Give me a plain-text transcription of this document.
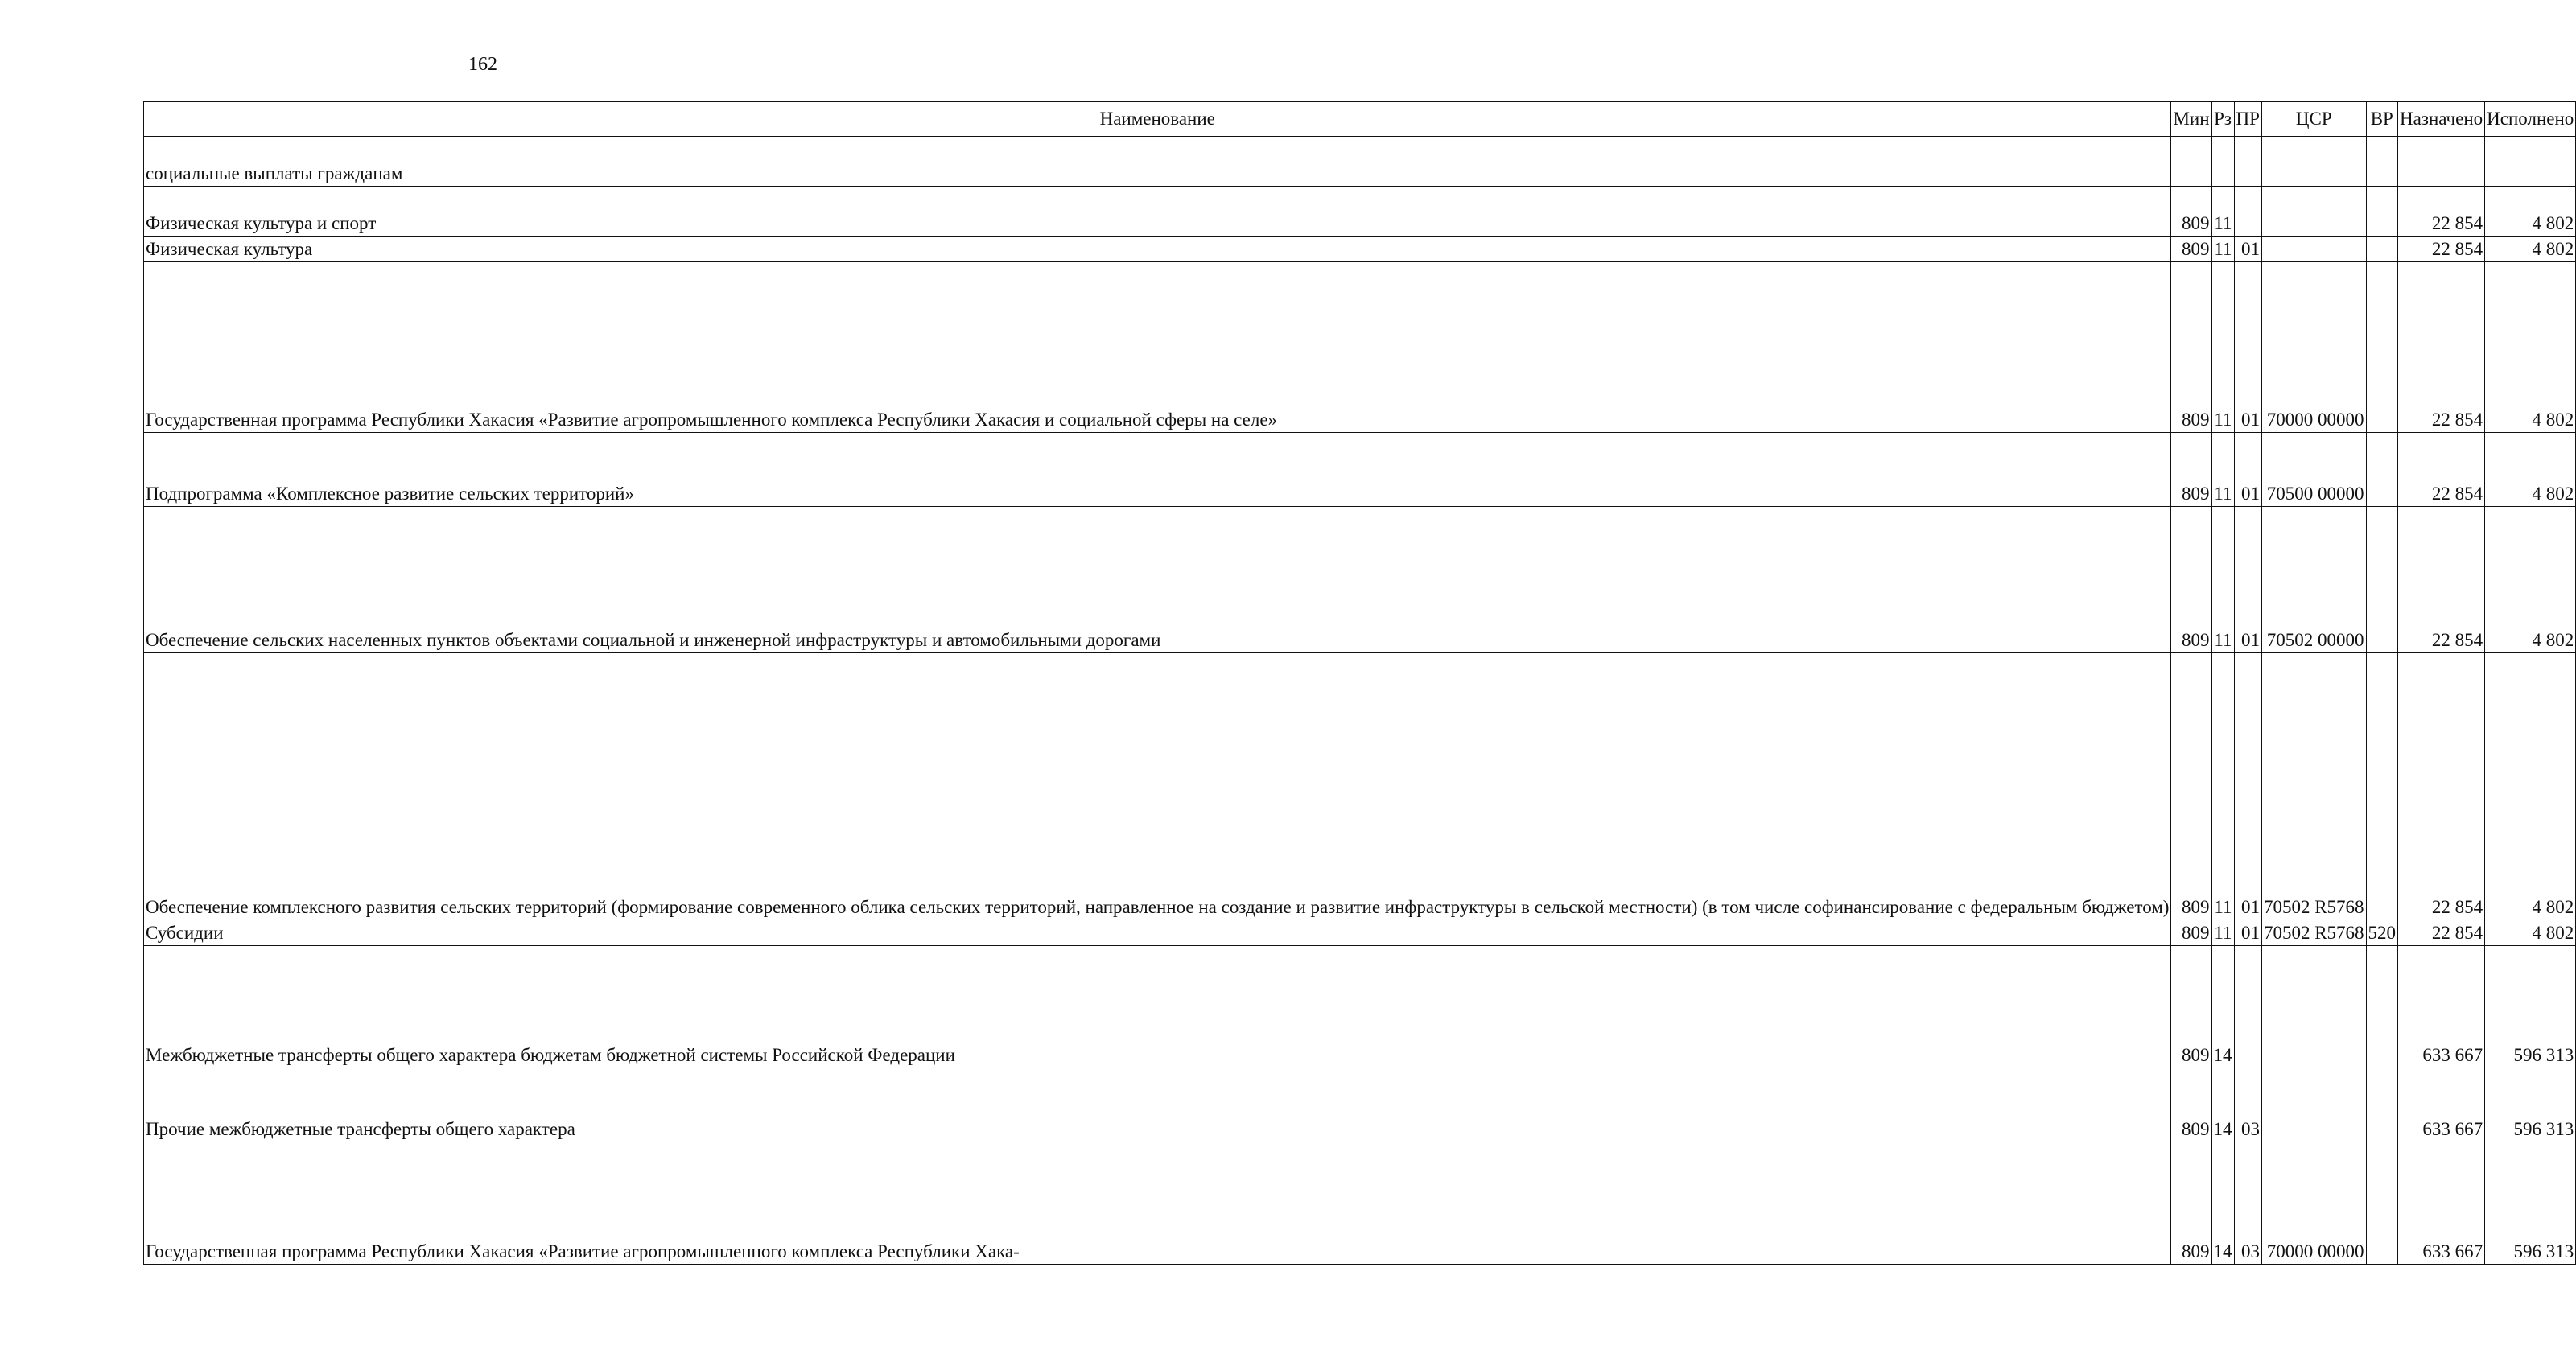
162
Наименование	Мин	Рз	ПР	ЦСР	ВР	Назначено	Исполнено
социальные выплаты гражданам							
Физическая культура и спорт	809	11				22 854	4 802
Физическая культура	809	11	01			22 854	4 802
Государственная программа Республики Хакасия «Развитие агропромышленного комплекса Республики Хакасия и социальной сферы на селе»	809	11	01	70000 00000		22 854	4 802
Подпрограмма «Комплексное развитие сельских территорий»	809	11	01	70500 00000		22 854	4 802
Обеспечение сельских населенных пунктов объектами социальной и инженерной инфраструктуры и автомобильными дорогами	809	11	01	70502 00000		22 854	4 802
Обеспечение комплексного развития сельских территорий (формирование современного облика сельских территорий, направленное на создание и развитие инфраструктуры в сельской местности) (в том числе софинансирование с федеральным бюджетом)	809	11	01	70502 R5768		22 854	4 802
Субсидии	809	11	01	70502 R5768	520	22 854	4 802
Межбюджетные трансферты общего характера бюджетам бюджетной системы Российской Федерации	809	14				633 667	596 313
Прочие межбюджетные трансферты общего характера	809	14	03			633 667	596 313
Государственная программа Республики Хакасия «Развитие агропромышленного комплекса Республики Хака-	809	14	03	70000 00000		633 667	596 313
